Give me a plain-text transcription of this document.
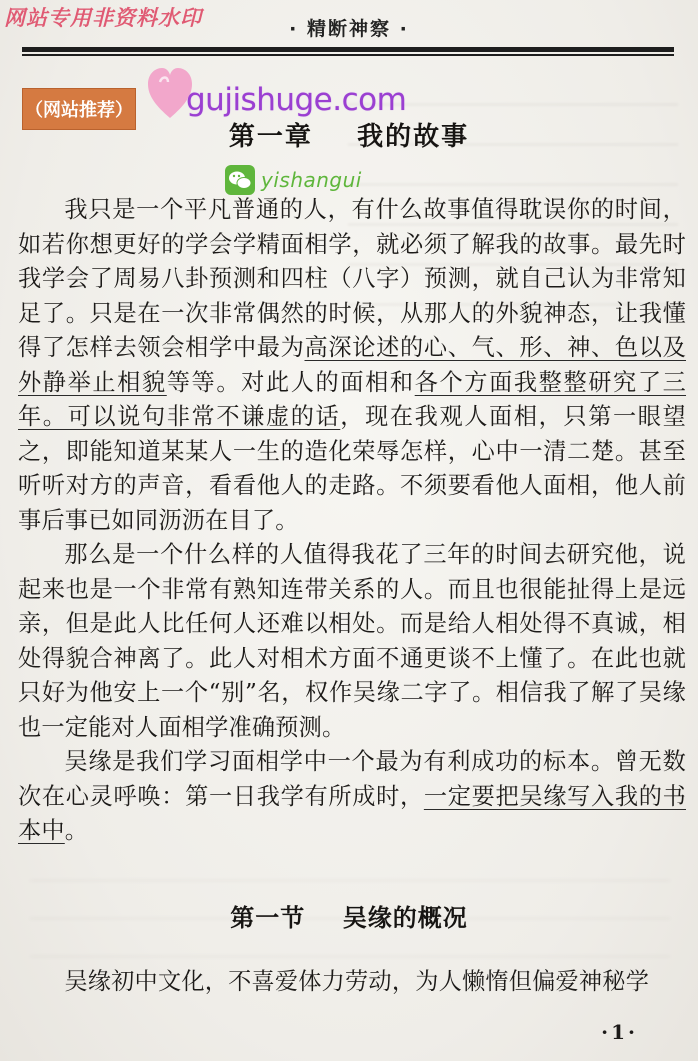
网站专用非资料水印	· 精断神察 ·
（网站推荐） gujishuge.com
yishangui
第一章    我的故事

我只是一个平凡普通的人，有什么故事值得耽误你的时间，如若你想更好的学会学精面相学，就必须了解我的故事。最先时我学会了周易八卦预测和四柱（八字）预测，就自己认为非常知足了。只是在一次非常偶然的时候，从那人的外貌神态，让我懂得了怎样去领会相学中最为高深论述的心、气、形、神、色以及外静举止相貌等等。对此人的面相和各个方面我整整研究了三年。可以说句非常不谦虚的话，现在我观人面相，只第一眼望之，即能知道某某人一生的造化荣辱怎样，心中一清二楚。甚至听听对方的声音，看看他人的走路。不须要看他人面相，他人前事后事已如同沥沥在目了。

那么是一个什么样的人值得我花了三年的时间去研究他，说起来也是一个非常有熟知连带关系的人。而且也很能扯得上是远亲，但是此人比任何人还难以相处。而是给人相处得不真诚，相处得貌合神离了。此人对相术方面不通更谈不上懂了。在此也就只好为他安上一个“别”名，权作吴缘二字了。相信我了解了吴缘也一定能对人面相学准确预测。

吴缘是我们学习面相学中一个最为有利成功的标本。曾无数次在心灵呼唤：第一日我学有所成时，一定要把吴缘写入我的书本中。

第一节    吴缘的概况

吴缘初中文化，不喜爱体力劳动，为人懒惰但偏爱神秘学

·1·
